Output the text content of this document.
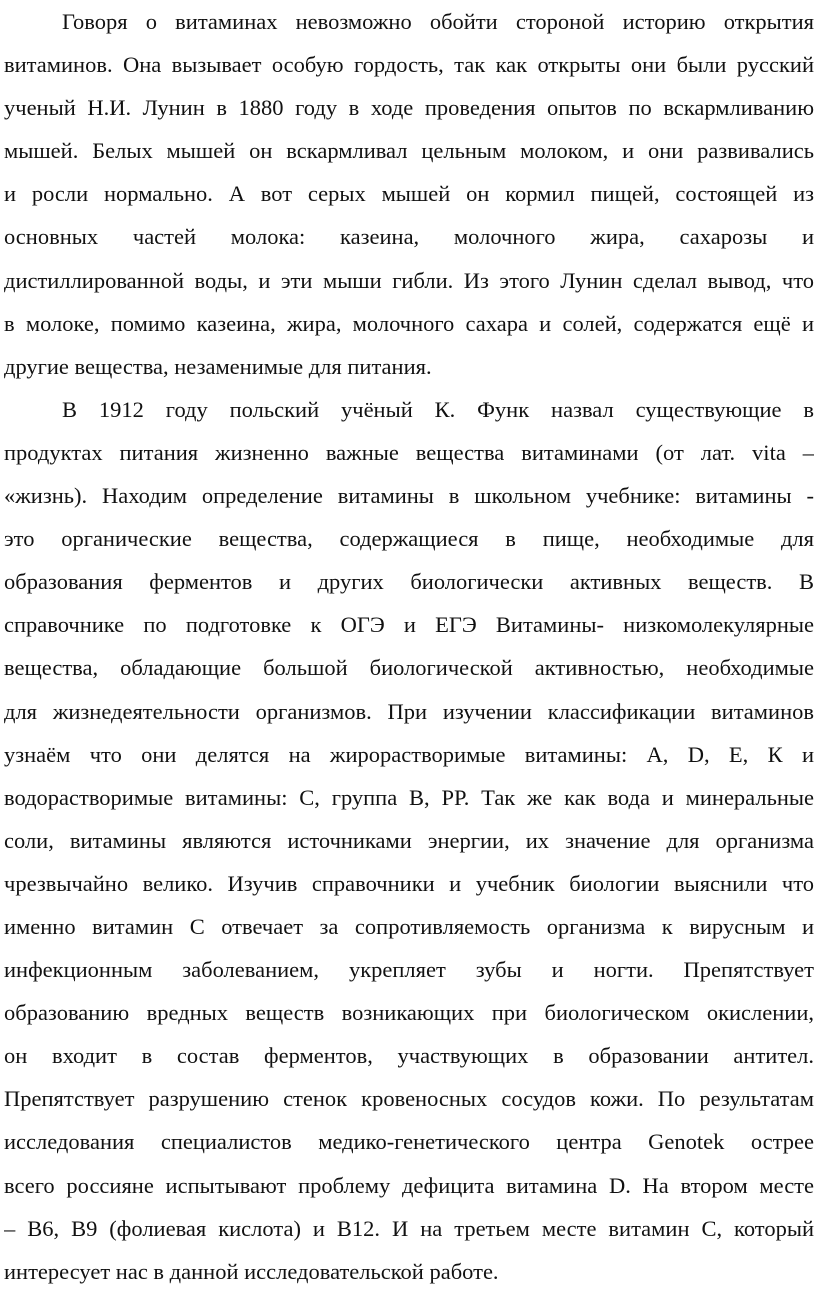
Говоря о витаминах невозможно обойти стороной историю открытия
витаминов. Она вызывает особую гордость, так как открыты они были русский
ученый Н.И. Лунин в 1880 году в ходе проведения опытов по вскармливанию
мышей. Белых мышей он вскармливал цельным молоком, и они развивались
и росли нормально. А вот серых мышей он кормил пищей, состоящей из
основных частей молока: казеина, молочного жира, сахарозы и
дистиллированной воды, и эти мыши гибли. Из этого Лунин сделал вывод, что
в молоке, помимо казеина, жира, молочного сахара и солей, содержатся ещё и
другие вещества, незаменимые для питания.
В 1912 году польский учёный К. Функ назвал существующие в
продуктах питания жизненно важные вещества витаминами (от лат. vita –
«жизнь). Находим определение витамины в школьном учебнике: витамины -
это органические вещества, содержащиеся в пище, необходимые для
образования ферментов и других биологически активных веществ. В
справочнике по подготовке к ОГЭ и ЕГЭ Витамины- низкомолекулярные
вещества, обладающие большой биологической активностью, необходимые
для жизнедеятельности организмов. При изучении классификации витаминов
узнаём что они делятся на жирорастворимые витамины: А, D, Е, К и
водорастворимые витамины: С, группа В, РР. Так же как вода и минеральные
соли, витамины являются источниками энергии, их значение для организма
чрезвычайно велико. Изучив справочники и учебник биологии выяснили что
именно витамин С отвечает за сопротивляемость организма к вирусным и
инфекционным заболеванием, укрепляет зубы и ногти. Препятствует
образованию вредных веществ возникающих при биологическом окислении,
он входит в состав ферментов, участвующих в образовании антител.
Препятствует разрушению стенок кровеносных сосудов кожи. По результатам
исследования специалистов медико-генетического центра Genotek острее
всего россияне испытывают проблему дефицита витамина D. На втором месте
– В6, В9 (фолиевая кислота) и В12. И на третьем месте витамин С, который
интересует нас в данной исследовательской работе.
